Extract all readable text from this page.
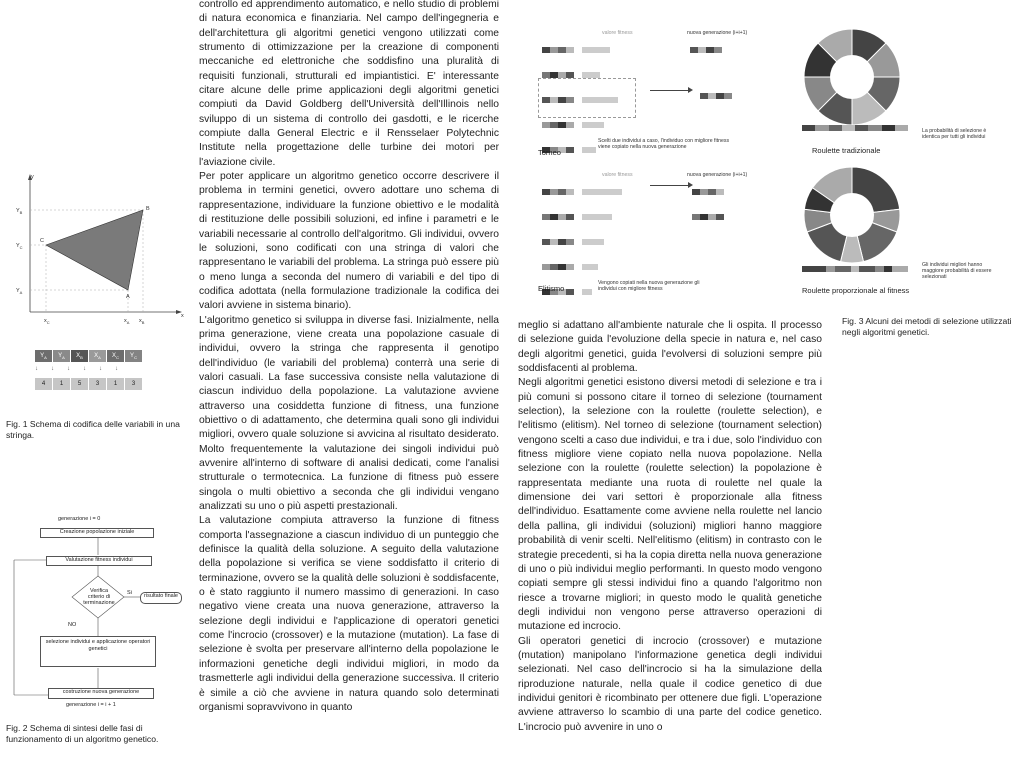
y
x
$Y_B$
$Y_C$
$Y_A$
$x_C$	$x_A$ $x_B$
B
C
A
$Y_A$	$Y_A$	$X_B$	$X_A$	$X_C$	$Y_C$
↓↓↓↓↓↓
4	1	5	3	1	3
Fig. 1 Schema di codifica delle variabili in una stringa.
generazione i = 0
Creazione popolazione iniziale
Valutazione fitness individui
Verifica criterio di terminazione
Si	risultato finale
NO
selezione individui e applicazione operatori genetici
costruzione nuova generazione
generazione i = i + 1
Fig. 2 Schema di sintesi delle fasi di funzionamento di un algoritmo genetico.

controllo ed apprendimento automatico, e nello studio di problemi di natura economica e finanziaria. Nel campo dell'ingegneria e dell'architettura gli algoritmi genetici vengono utilizzati come strumento di ottimizzazione per la creazione di componenti meccaniche ed elettroniche che soddisfino una pluralità di requisiti funzionali, strutturali ed impiantistici. E' interessante citare alcune delle prime applicazioni degli algoritmi genetici compiuti da David Goldberg dell'Università dell'Illinois nello sviluppo di un sistema di controllo dei gasdotti, e le ricerche compiute dalla General Electric e il Rensselaer Polytechnic Institute nella progettazione delle turbine dei motori per l'aviazione civile.

Per poter applicare un algoritmo genetico occorre descrivere il problema in termini genetici, ovvero adottare uno schema di rappresentazione, individuare la funzione obiettivo e le modalità di restituzione delle possibili soluzioni, ed infine i parametri e le variabili necessarie al controllo dell'algoritmo. Gli individui, ovvero le soluzioni, sono codificati con una stringa di valori che rappresentano le variabili del problema. La stringa può essere più o meno lunga a seconda del numero di variabili e del tipo di codifica adottata (nella formulazione tradizionale la codifica dei valori avviene in sistema binario).

L'algoritmo genetico si sviluppa in diverse fasi. Inizialmente, nella prima generazione, viene creata una popolazione casuale di individui, ovvero la stringa che rappresenta il genotipo dell'individuo (le variabili del problema) conterrà una serie di valori casuali. La fase successiva consiste nella valutazione di ciascun individuo della popolazione. La valutazione avviene attraverso una cosiddetta funzione di fitness, una funzione obiettivo o di adattamento, che determina quali sono gli individui migliori, ovvero quale soluzione si avvicina al risultato desiderato. Molto frequentemente la valutazione dei singoli individui può avvenire all'interno di software di analisi dedicati, come l'analisi strutturale o termotecnica. La funzione di fitness può essere singola o multi obiettivo a seconda che gli individui vengano analizzati su uno o più aspetti prestazionali.

La valutazione compiuta attraverso la funzione di fitness comporta l'assegnazione a ciascun individuo di un punteggio che definisce la qualità della soluzione. A seguito della valutazione della popolazione si verifica se viene soddisfatto il criterio di terminazione, ovvero se la qualità delle soluzioni è soddisfacente, o è stato raggiunto il numero massimo di generazioni. In caso negativo viene creata una nuova generazione, attraverso la selezione degli individui e l'applicazione di operatori genetici come l'incrocio (crossover) e la mutazione (mutation). La fase di selezione è svolta per preservare all'interno della popolazione le informazioni genetiche degli individui migliori, in modo da trasmetterle agli individui della generazione successiva. Il criterio è simile a ciò che avviene in natura quando solo determinati organismi sopravvivono in quanto

valore fitness	nuova generazione (i+i+1)
Torneo
Scelti due individui a caso, l'individuo con migliore fitness viene copiato nella nuova generazione
valore fitness	nuova generazione (i+i+1)
Elitismo
Vengono copiati nella nuova generazione gli individui con migliore fitness
Roulette tradizionale
La probabilità di selezione è identica per tutti gli individui
Roulette proporzionale al fitness
Gli individui migliori hanno maggiore probabilità di essere selezionati
Fig. 3 Alcuni dei metodi di selezione utilizzati negli algoritmi genetici.

meglio si adattano all'ambiente naturale che li ospita. Il processo di selezione guida l'evoluzione della specie in natura e, nel caso degli algoritmi genetici, guida l'evolversi di soluzioni sempre più soddisfacenti al problema.

Negli algoritmi genetici esistono diversi metodi di selezione e tra i più comuni si possono citare il torneo di selezione (tournament selection), la selezione con la roulette (roulette selection), e l'elitismo (elitism). Nel torneo di selezione (tournament selection) vengono scelti a caso due individui, e tra i due, solo l'individuo con fitness migliore viene copiato nella nuova popolazione. Nella selezione con la roulette (roulette selection) la popolazione è rappresentata mediante una ruota di roulette nel quale la dimensione dei vari settori è proporzionale alla fitness dell'individuo. Esattamente come avviene nella roulette nel lancio della pallina, gli individui (soluzioni) migliori hanno maggiore probabilità di venir scelti. Nell'elitismo (elitism) in contrasto con le strategie precedenti, si ha la copia diretta nella nuova generazione di uno o più individui meglio performanti. In questo modo vengono copiati sempre gli stessi individui fino a quando l'algoritmo non riesce a trovarne migliori; in questo modo le qualità genetiche degli individui non vengono perse attraverso operazioni di mutazione ed incrocio.

Gli operatori genetici di incrocio (crossover) e mutazione (mutation) manipolano l'informazione genetica degli individui selezionati. Nel caso dell'incrocio si ha la simulazione della riproduzione naturale, nella quale il codice genetico di due individui genitori è ricombinato per ottenere due figli. L'operazione avviene attraverso lo scambio di una parte del codice genetico. L'incrocio può avvenire in uno o
